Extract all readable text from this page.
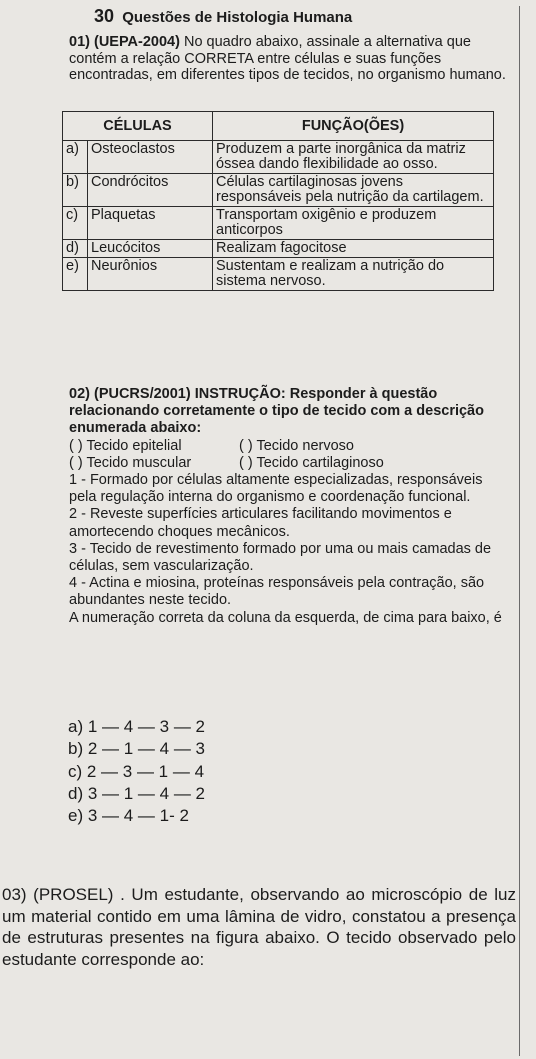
30 Questões de Histologia Humana
01) (UEPA-2004) No quadro abaixo, assinale a alternativa que contém a relação CORRETA entre células e suas funções encontradas, em diferentes tipos de tecidos, no organismo humano.
CÉLULAS		FUNÇÃO(ÕES)
a)	Osteoclastos	Produzem a parte inorgânica da matriz óssea dando flexibilidade ao osso.
b)	Condrócitos	Células cartilaginosas jovens responsáveis pela nutrição da cartilagem.
c)	Plaquetas	Transportam oxigênio e produzem anticorpos
d)	Leucócitos	Realizam fagocitose
e)	Neurônios	Sustentam e realizam a nutrição do sistema nervoso.
02) (PUCRS/2001) INSTRUÇÃO: Responder à questão relacionando corretamente o tipo de tecido com a descrição enumerada abaixo:
( ) Tecido epitelial	( ) Tecido nervoso
( ) Tecido muscular	( ) Tecido cartilaginoso
1 - Formado por células altamente especializadas, responsáveis pela regulação interna do organismo e coordenação funcional.
2 - Reveste superfícies articulares facilitando movimentos e amortecendo choques mecânicos.
3 - Tecido de revestimento formado por uma ou mais camadas de células, sem vascularização.
4 - Actina e miosina, proteínas responsáveis pela contração, são abundantes neste tecido.
A numeração correta da coluna da esquerda, de cima para baixo, é
a) 1 — 4 — 3 — 2
b) 2 — 1 — 4 — 3
c) 2 — 3 — 1 — 4
d) 3 — 1 — 4 — 2
e) 3 — 4 — 1- 2
03) (PROSEL) . Um estudante, observando ao microscópio de luz um material contido em uma lâmina de vidro, constatou a presença de estruturas presentes na figura abaixo. O tecido observado pelo estudante corresponde ao:
